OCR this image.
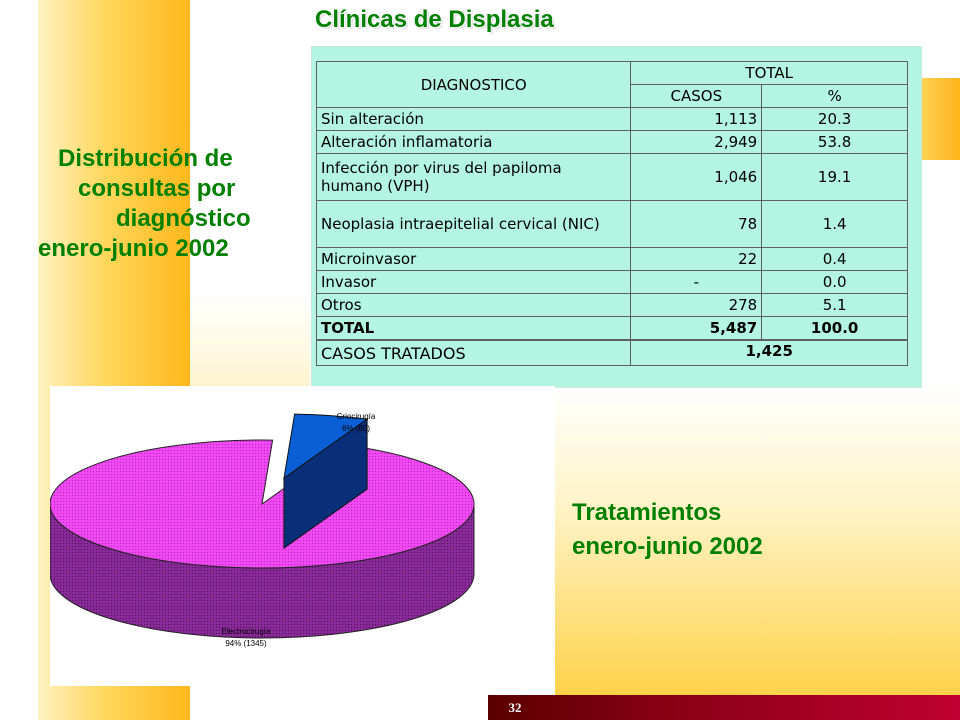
32
Clínicas de Displasia
Distribución de
consultas por
diagnóstico
enero-junio 2002
DIAGNOSTICO	TOTAL	
	CASOS	%
Sin alteración	1,113	20.3
Alteración inflamatoria	2,949	53.8
Infección por virus del papiloma humano (VPH)	1,046	19.1
Neoplasia intraepitelial cervical (NIC)	78	1.4
Microinvasor	22	0.4
Invasor	-	0.0
Otros	278	5.1
TOTAL	5,487	100.0
CASOS TRATADOS	1,425	
Criocirugía
6% (80)
Electrocirugía
94% (1345)
Tratamientos
enero-junio 2002
